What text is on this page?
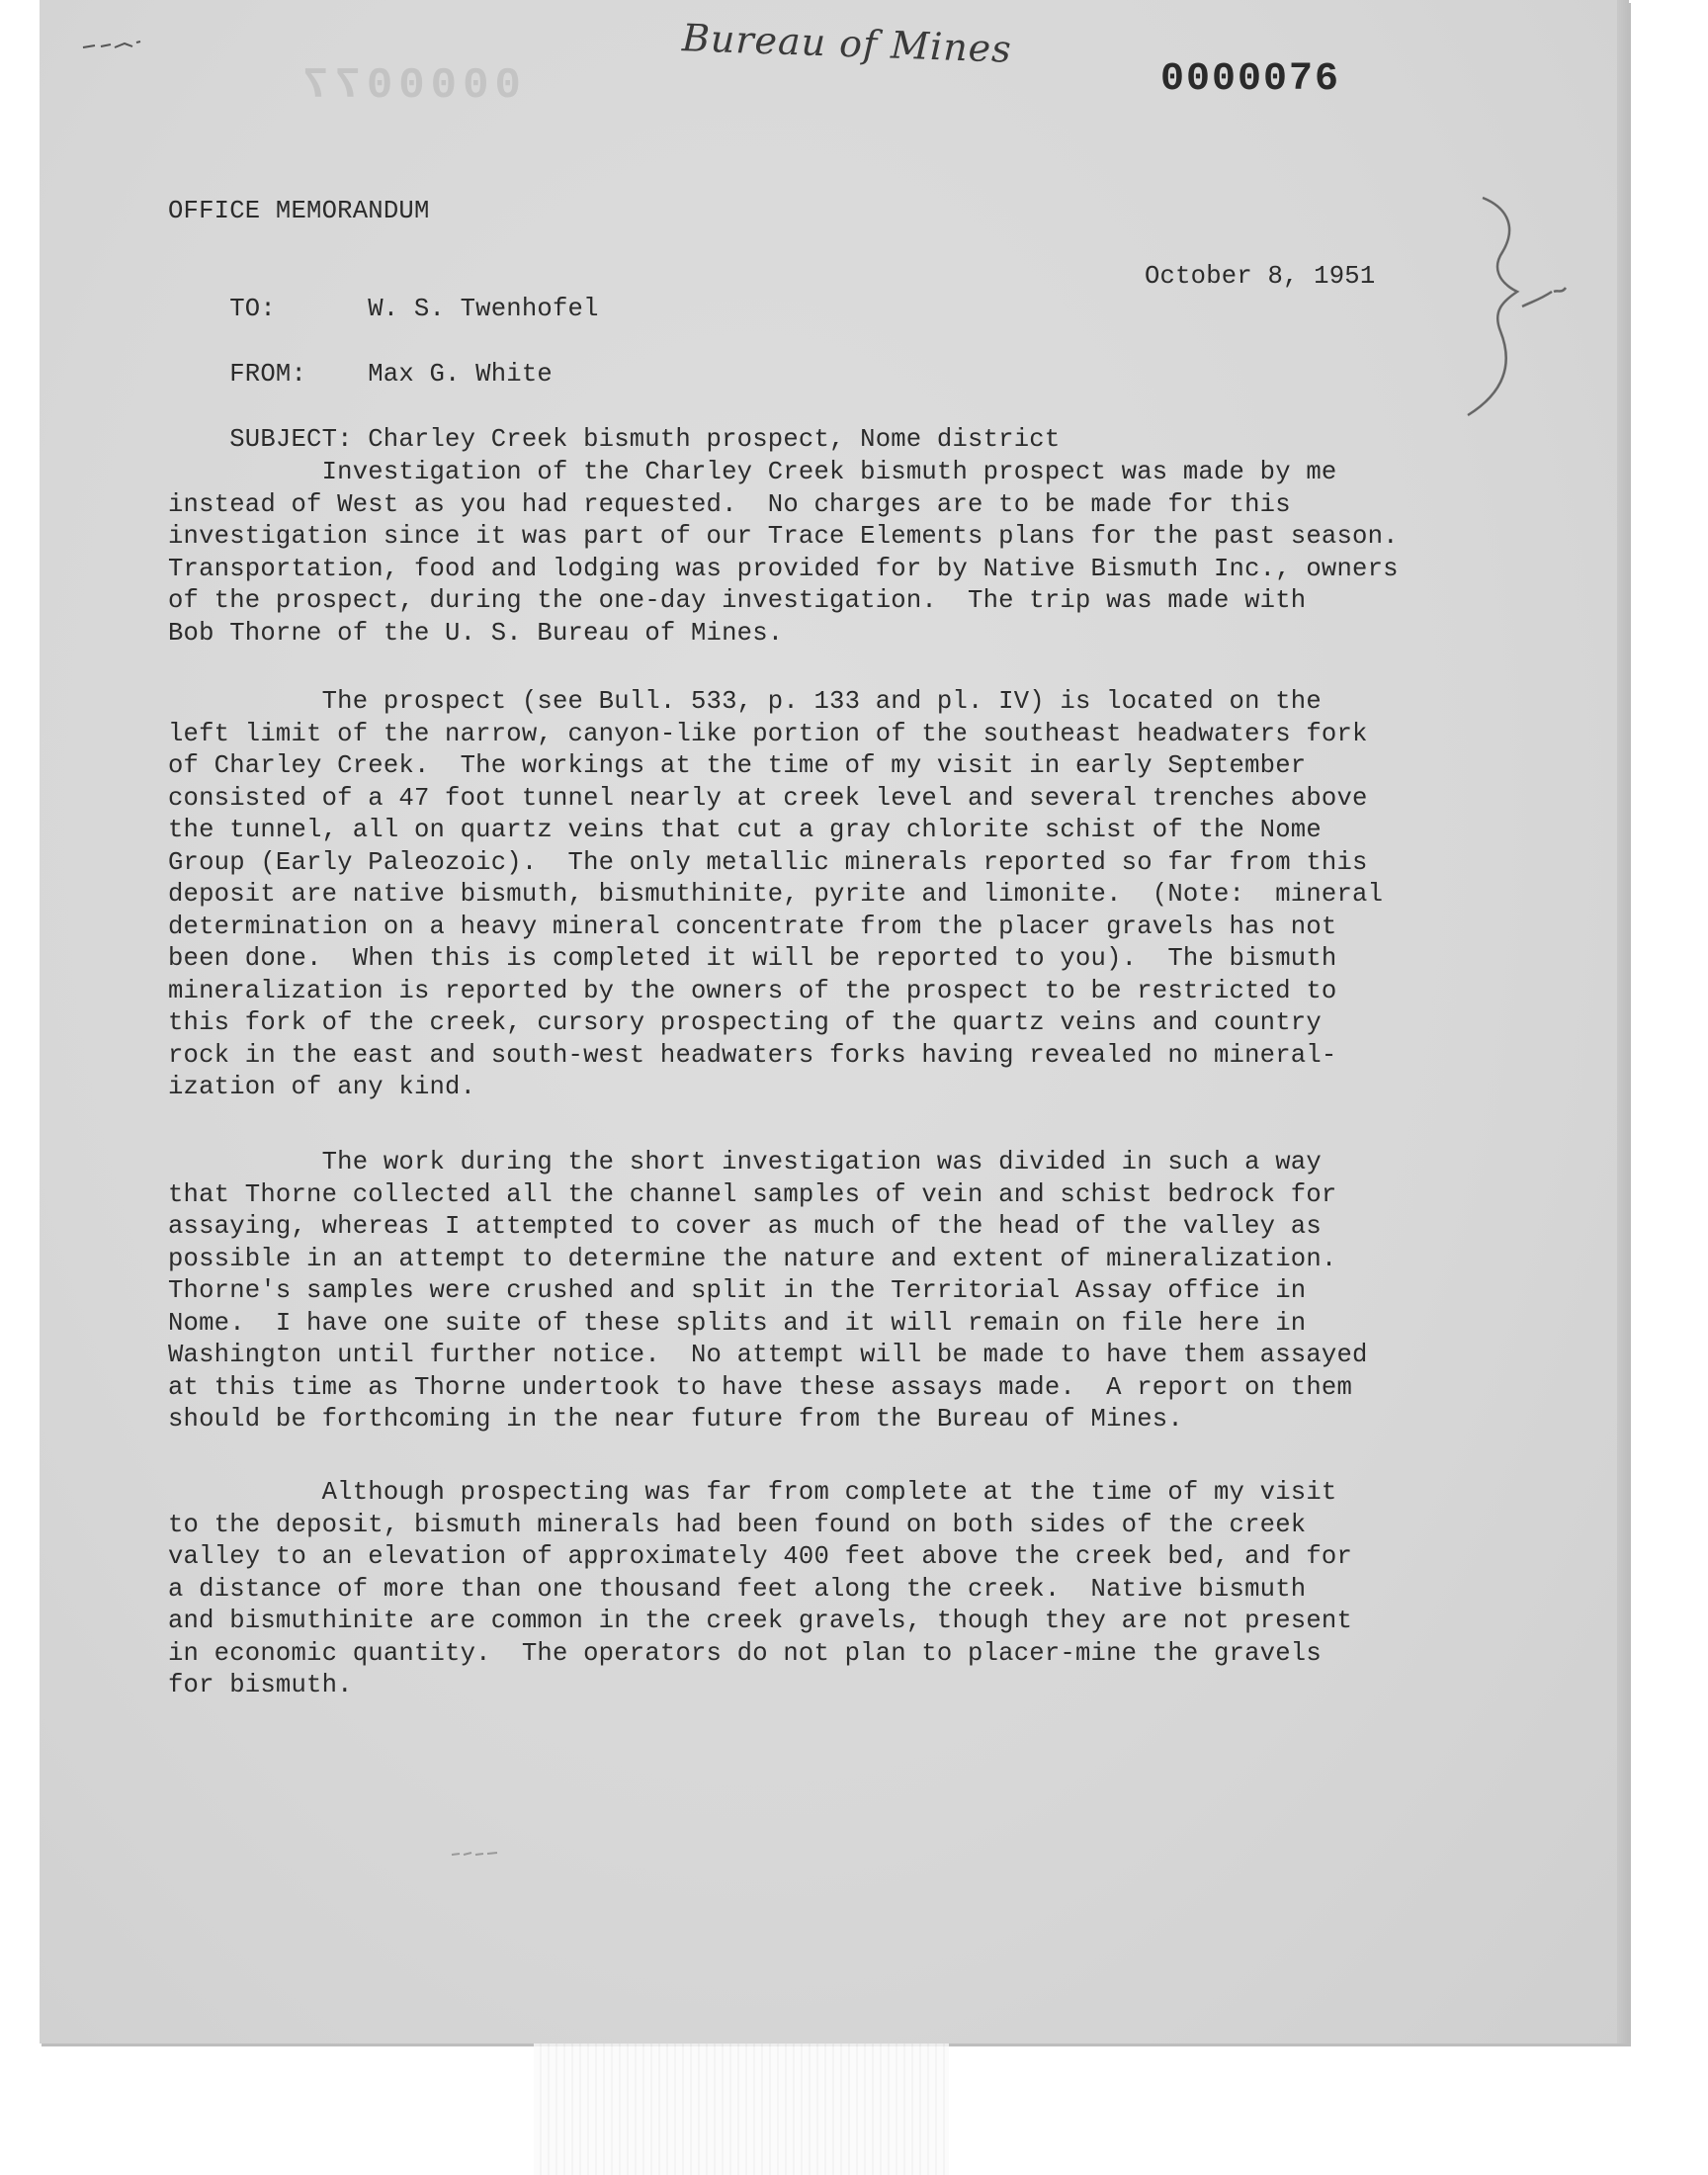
0000077
Bureau of Mines
0000076
OFFICE MEMORANDUM

TO:	W. S. Twenhofel

October 8, 1951

FROM: Max G. White

SUBJECT: Charley Creek bismuth prospect, Nome district

Investigation of the Charley Creek bismuth prospect was made by me
instead of West as you had requested.  No charges are to be made for this
investigation since it was part of our Trace Elements plans for the past season.
Transportation, food and lodging was provided for by Native Bismuth Inc., owners
of the prospect, during the one-day investigation.  The trip was made with
Bob Thorne of the U. S. Bureau of Mines.
The prospect (see Bull. 533, p. 133 and pl. IV) is located on the
left limit of the narrow, canyon-like portion of the southeast headwaters fork
of Charley Creek.  The workings at the time of my visit in early September
consisted of a 47 foot tunnel nearly at creek level and several trenches above
the tunnel, all on quartz veins that cut a gray chlorite schist of the Nome
Group (Early Paleozoic).  The only metallic minerals reported so far from this
deposit are native bismuth, bismuthinite, pyrite and limonite.  (Note:  mineral
determination on a heavy mineral concentrate from the placer gravels has not
been done.  When this is completed it will be reported to you).  The bismuth
mineralization is reported by the owners of the prospect to be restricted to
this fork of the creek, cursory prospecting of the quartz veins and country
rock in the east and south-west headwaters forks having revealed no mineral-
ization of any kind.
The work during the short investigation was divided in such a way
that Thorne collected all the channel samples of vein and schist bedrock for
assaying, whereas I attempted to cover as much of the head of the valley as
possible in an attempt to determine the nature and extent of mineralization.
Thorne's samples were crushed and split in the Territorial Assay office in
Nome.  I have one suite of these splits and it will remain on file here in
Washington until further notice.  No attempt will be made to have them assayed
at this time as Thorne undertook to have these assays made.  A report on them
should be forthcoming in the near future from the Bureau of Mines.
Although prospecting was far from complete at the time of my visit
to the deposit, bismuth minerals had been found on both sides of the creek
valley to an elevation of approximately 400 feet above the creek bed, and for
a distance of more than one thousand feet along the creek.  Native bismuth
and bismuthinite are common in the creek gravels, though they are not present
in economic quantity.  The operators do not plan to placer-mine the gravels
for bismuth.
